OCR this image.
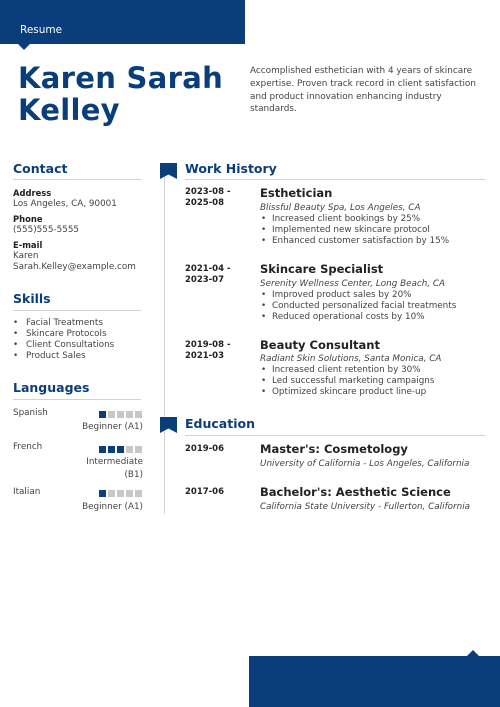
Resume
Karen Sarah Kelley
Accomplished esthetician with 4 years of skincare expertise. Proven track record in client satisfaction and product innovation enhancing industry standards.
Contact
Address
Los Angeles, CA, 90001
Phone
(555)555-5555
E-mail
Karen
Sarah.Kelley@example.com
Skills
• Facial Treatments
• Skincare Protocols
• Client Consultations
• Product Sales
Languages
Spanish
Beginner (A1)
French
Intermediate
(B1)
Italian
Beginner (A1)
Work History
2023-08 -
2025-08
Esthetician
Blissful Beauty Spa, Los Angeles, CA
• Increased client bookings by 25%
• Implemented new skincare protocol
• Enhanced customer satisfaction by 15%
2021-04 -
2023-07
Skincare Specialist
Serenity Wellness Center, Long Beach, CA
• Improved product sales by 20%
• Conducted personalized facial treatments
• Reduced operational costs by 10%
2019-08 -
2021-03
Beauty Consultant
Radiant Skin Solutions, Santa Monica, CA
• Increased client retention by 30%
• Led successful marketing campaigns
• Optimized skincare product line-up
Education
2019-06	Master's: Cosmetology
University of California - Los Angeles, California
2017-06	Bachelor's: Aesthetic Science
California State University - Fullerton, California
